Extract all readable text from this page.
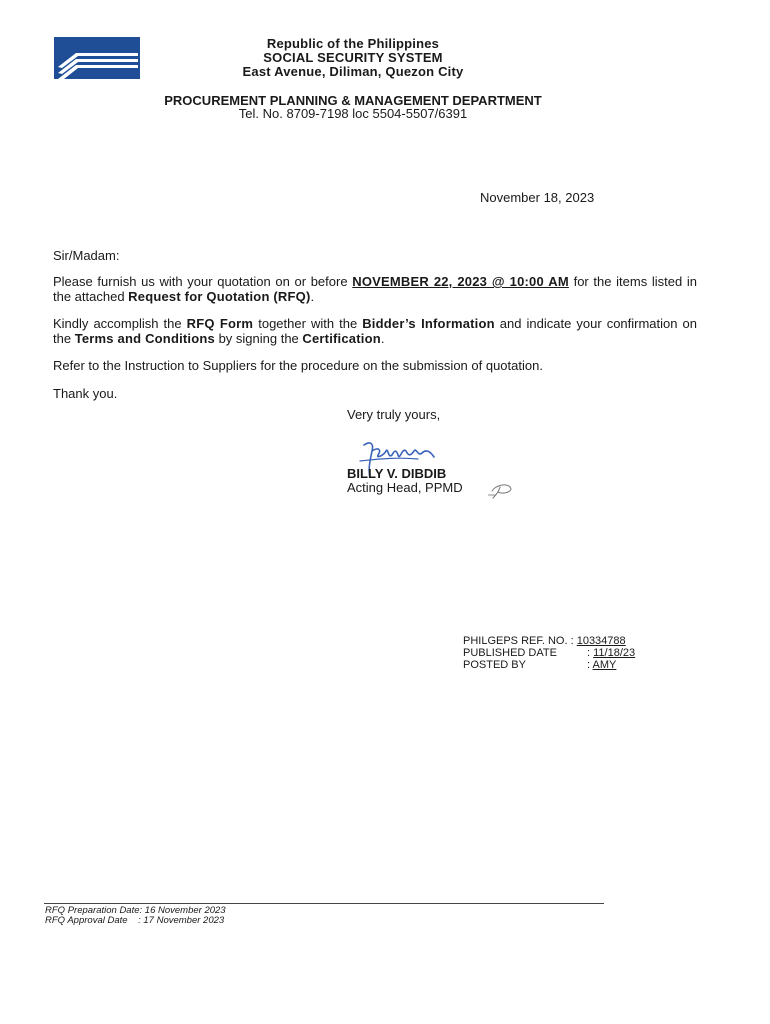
Republic of the Philippines
SOCIAL SECURITY SYSTEM
East Avenue, Diliman, Quezon City
PROCUREMENT PLANNING & MANAGEMENT DEPARTMENT
Tel. No. 8709-7198 loc 5504-5507/6391
November 18, 2023
Sir/Madam:
Please furnish us with your quotation on or before NOVEMBER 22, 2023 @ 10:00 AM for the items listed in the attached Request for Quotation (RFQ).
Kindly accomplish the RFQ Form together with the Bidder’s Information and indicate your confirmation on the Terms and Conditions by signing the Certification.
Refer to the Instruction to Suppliers for the procedure on the submission of quotation.
Thank you.
Very truly yours,
BILLY V. DIBDIB
Acting Head, PPMD
PHILGEPS REF. NO. : 10334788
PUBLISHED DATE	: 11/18/23
POSTED BY	: AMY
RFQ Preparation Date: 16 November 2023
RFQ Approval Date    : 17 November 2023
